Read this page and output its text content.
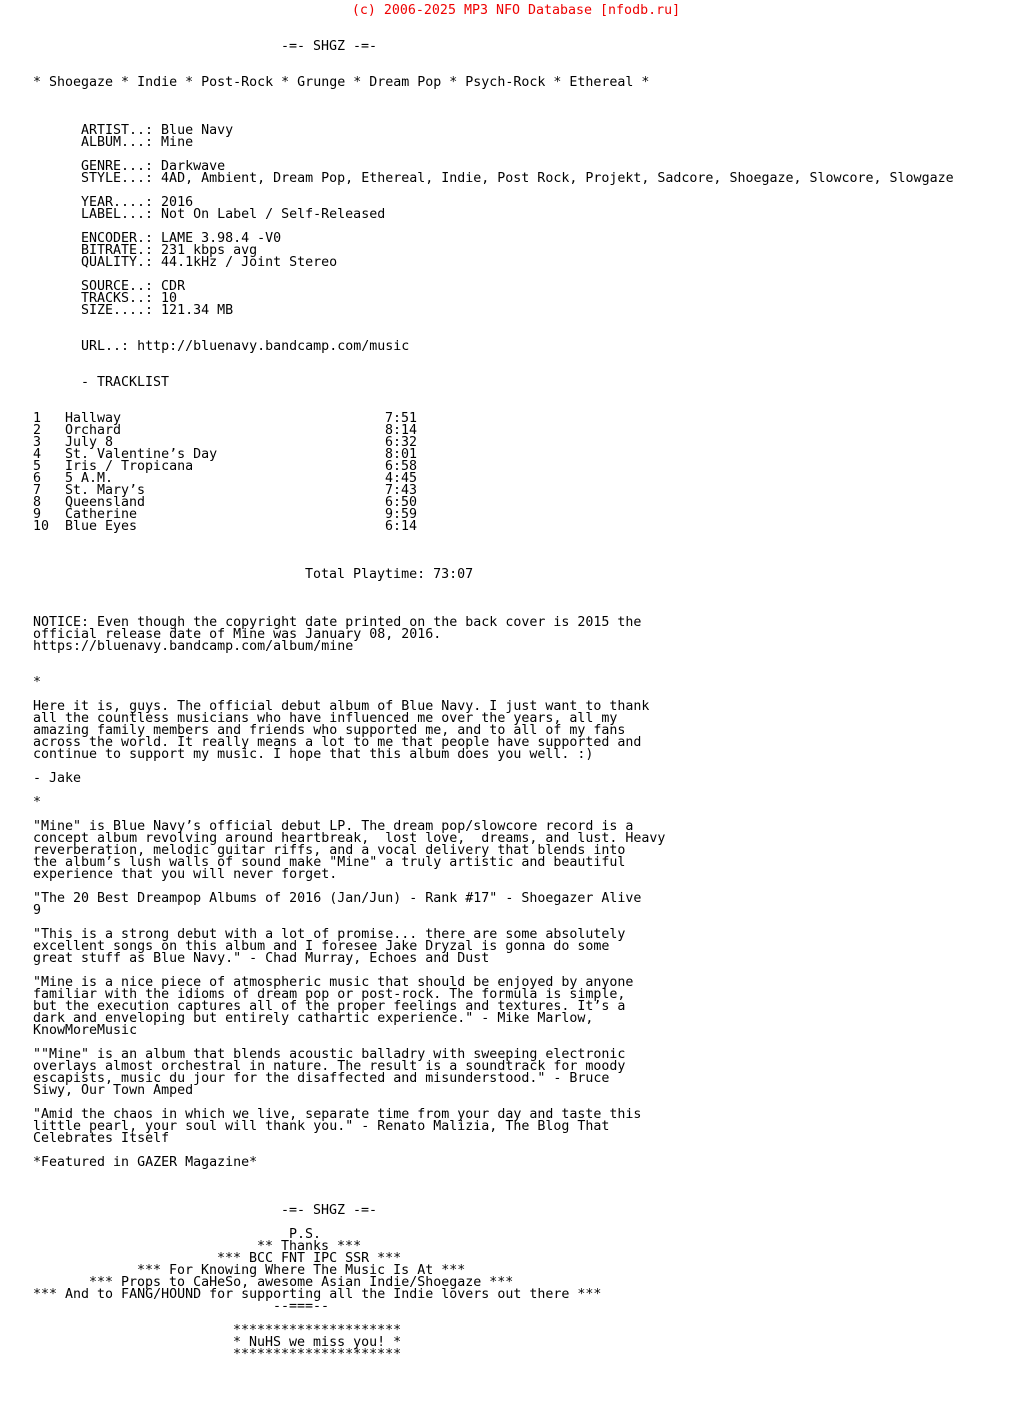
(c) 2006-2025 MP3 NFO Database [nfodb.ru]
-=- SHGZ -=-
* Shoegaze * Indie * Post-Rock * Grunge * Dream Pop * Psych-Rock * Ethereal *
ARTIST..: Blue Navy
ALBUM...: Mine

GENRE...: Darkwave
STYLE...: 4AD, Ambient, Dream Pop, Ethereal, Indie, Post Rock, Projekt, Sadcore, Shoegaze, Slowcore, Slowgaze

YEAR....: 2016
LABEL...: Not On Label / Self-Released

ENCODER.: LAME 3.98.4 -V0
BITRATE.: 231 kbps avg
QUALITY.: 44.1kHz / Joint Stereo

SOURCE..: CDR
TRACKS..: 10
SIZE....: 121.34 MB
URL..: http://bluenavy.bandcamp.com/music
- TRACKLIST
1	Hallway	7:51
2	Orchard	8:14
3	July 8	6:32
4	St. Valentine’s Day	8:01
5	Iris / Tropicana	6:58
6	5 A.M.	4:45
7	St. Mary’s	7:43
8	Queensland	6:50
9	Catherine	9:59
10	Blue Eyes	6:14
Total Playtime: 73:07
NOTICE: Even though the copyright date printed on the back cover is 2015 the
official release date of Mine was January 08, 2016.
https://bluenavy.bandcamp.com/album/mine
*
Here it is, guys. The official debut album of Blue Navy. I just want to thank
all the countless musicians who have influenced me over the years, all my
amazing family members and friends who supported me, and to all of my fans
across the world. It really means a lot to me that people have supported and
continue to support my music. I hope that this album does you well. :)
- Jake
*
"Mine" is Blue Navy’s official debut LP. The dream pop/slowcore record is a
concept album revolving around heartbreak,  lost love,  dreams, and lust. Heavy
reverberation, melodic guitar riffs, and a vocal delivery that blends into
the album’s lush walls of sound make "Mine" a truly artistic and beautiful
experience that you will never forget.
"The 20 Best Dreampop Albums of 2016 (Jan/Jun) - Rank #17" - Shoegazer Alive
9
"This is a strong debut with a lot of promise... there are some absolutely
excellent songs on this album and I foresee Jake Dryzal is gonna do some
great stuff as Blue Navy." - Chad Murray, Echoes and Dust
"Mine is a nice piece of atmospheric music that should be enjoyed by anyone
familiar with the idioms of dream pop or post-rock. The formula is simple,
but the execution captures all of the proper feelings and textures. It’s a
dark and enveloping but entirely cathartic experience." - Mike Marlow,
KnowMoreMusic
""Mine" is an album that blends acoustic balladry with sweeping electronic
overlays almost orchestral in nature. The result is a soundtrack for moody
escapists, music du jour for the disaffected and misunderstood." - Bruce
Siwy, Our Town Amped
"Amid the chaos in which we live, separate time from your day and taste this
little pearl, your soul will thank you." - Renato Malizia, The Blog That
Celebrates Itself
*Featured in GAZER Magazine*
-=- SHGZ -=-
P.S.
** Thanks ***
*** BCC FNT IPC SSR ***
*** For Knowing Where The Music Is At ***
*** Props to CaHeSo, awesome Asian Indie/Shoegaze ***
*** And to FANG/HOUND for supporting all the Indie lovers out there ***
--===--
*********************
* NuHS we miss you! *
*********************
